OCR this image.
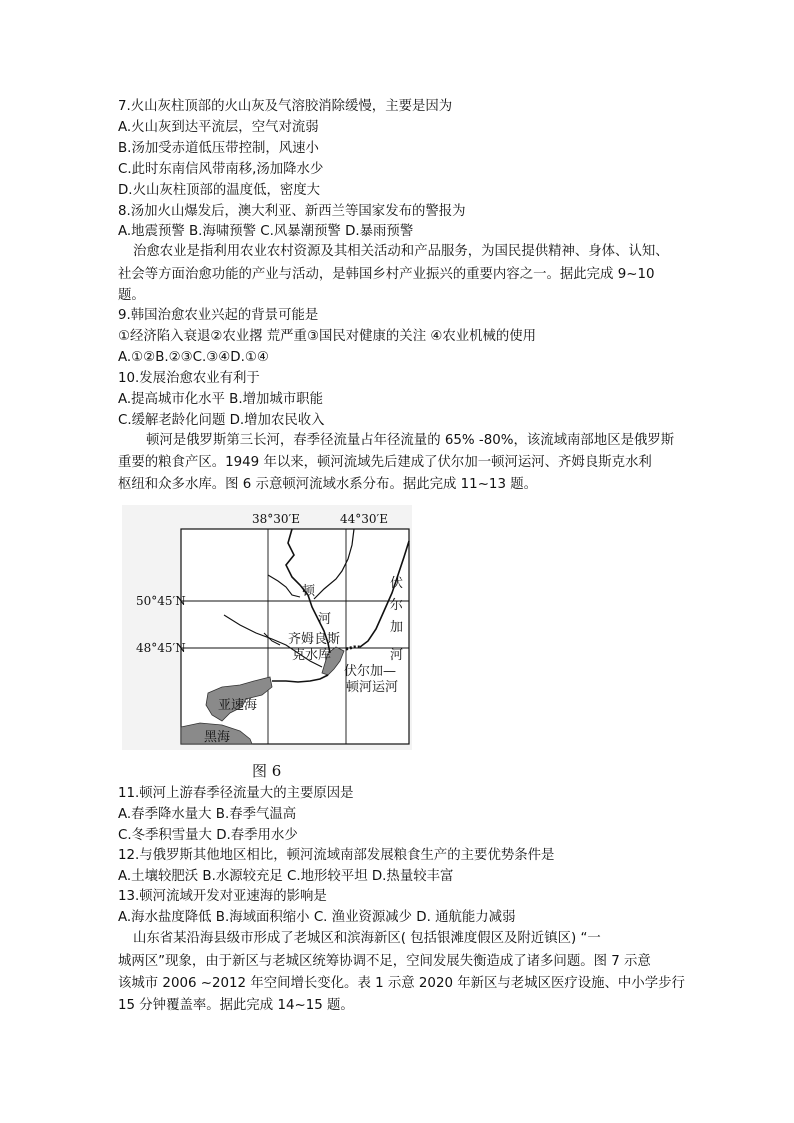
7.火山灰柱顶部的火山灰及气溶胶消除缓慢，主要是因为
A.火山灰到达平流层，空气对流弱
B.汤加受赤道低压带控制，风速小
C.此时东南信风带南移,汤加降水少
D.火山灰柱顶部的温度低，密度大
8.汤加火山爆发后，澳大利亚、新西兰等国家发布的警报为
A.地震预警 B.海啸预警 C.风暴潮预警 D.暴雨预警
治愈农业是指利用农业农村资源及其相关活动和产品服务，为国民提供精神、身体、认知、
社会等方面治愈功能的产业与活动，是韩国乡村产业振兴的重要内容之一。据此完成 9~10
题。
9.韩国治愈农业兴起的背景可能是
①经济陷入衰退②农业撂 荒严重③国民对健康的关注 ④农业机械的使用
A.①②B.②③C.③④D.①④
10.发展治愈农业有利于
A.提高城市化水平 B.增加城市职能
C.缓解老龄化问题 D.增加农民收入
顿河是俄罗斯第三长河，春季径流量占年径流量的 65% -80%，该流域南部地区是俄罗斯
重要的粮食产区。1949 年以来，顿河流域先后建成了伏尔加一顿河运河、齐姆良斯克水利
枢纽和众多水库。图 6 示意顿河流域水系分布。据此完成 11~13 题。
38°30′E	44°30′E
50°45′N
48°45′N
顿
河
齐姆良斯
克水库
伏
尔
加
河
伏尔加—
顿河运河
亚速海
黑海
图 6
11.顿河上游春季径流量大的主要原因是
A.春季降水量大 B.春季气温高
C.冬季积雪量大 D.春季用水少
12.与俄罗斯其他地区相比，顿河流域南部发展粮食生产的主要优势条件是
A.土壤较肥沃 B.水源较充足 C.地形较平坦 D.热量较丰富
13.顿河流域开发对亚速海的影响是
A.海水盐度降低 B.海域面积缩小 C. 渔业资源减少 D. 通航能力减弱
山东省某沿海县级市形成了老城区和滨海新区( 包括银滩度假区及附近镇区) “一
城两区”现象，由于新区与老城区统筹协调不足，空间发展失衡造成了诸多问题。图 7 示意
该城市 2006 ~2012 年空间增长变化。表 1 示意 2020 年新区与老城区医疗设施、中小学步行
15 分钟覆盖率。据此完成 14~15 题。
